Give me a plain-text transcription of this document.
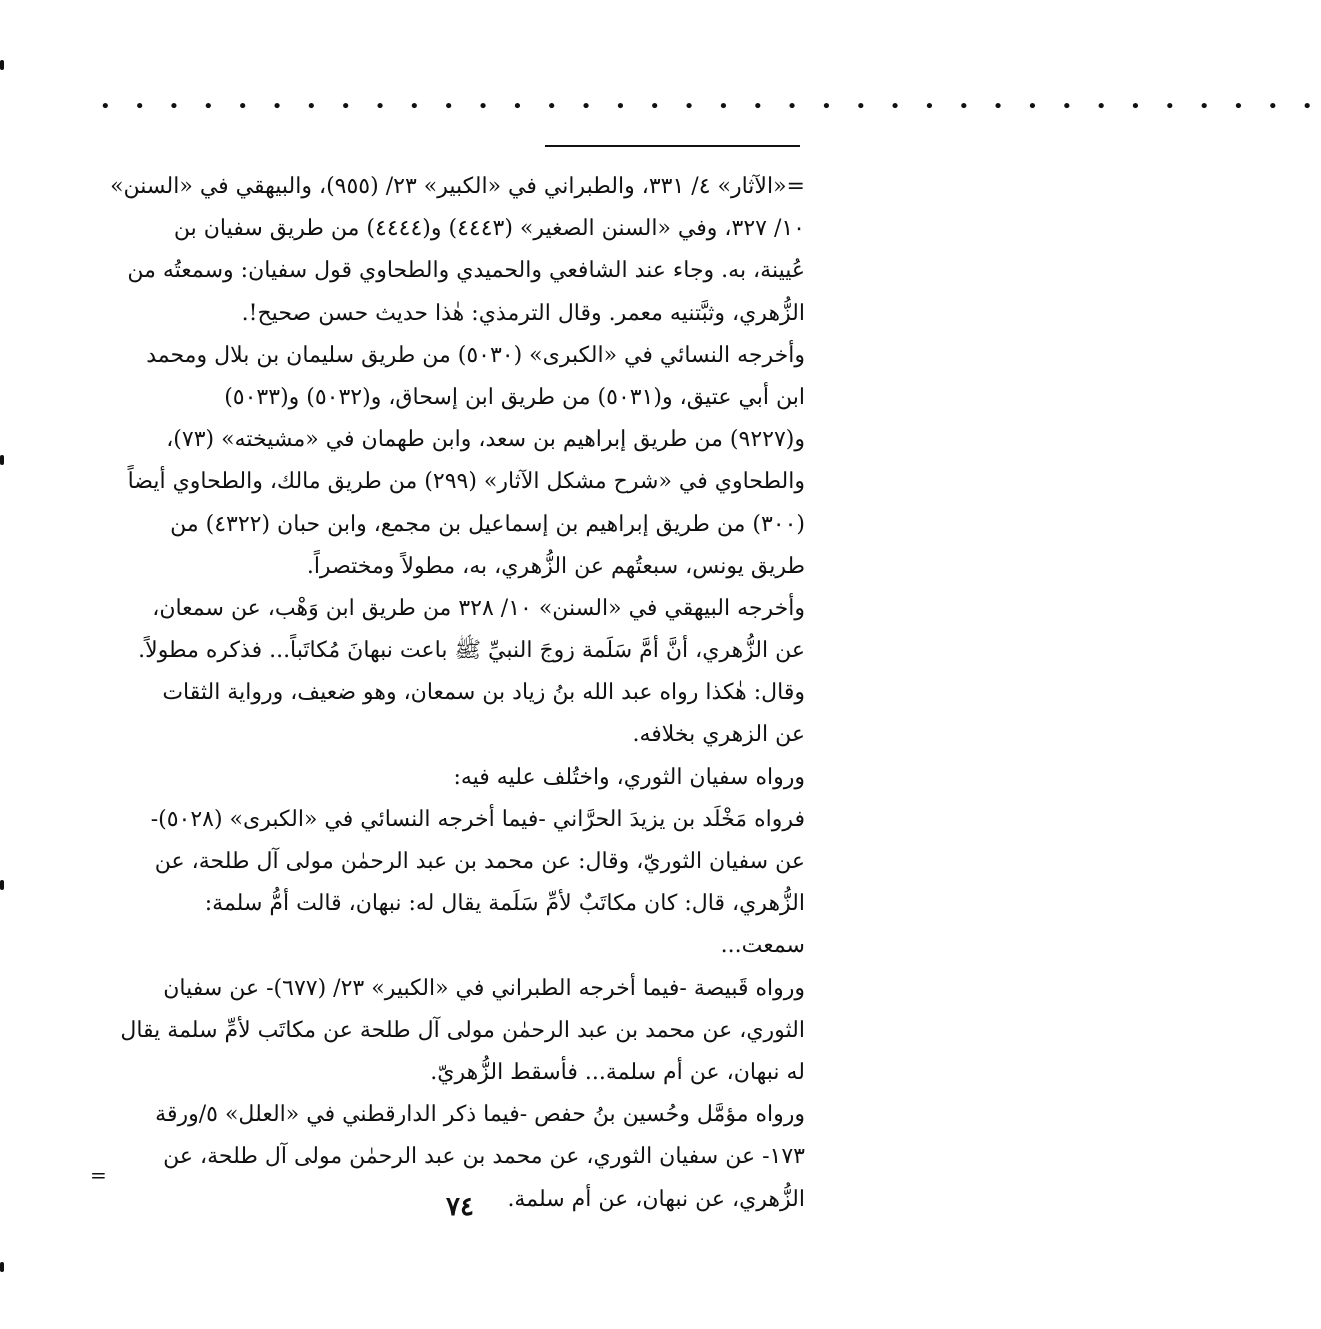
• • • • • • • • • • • • • • • • • • • • • • • • • • • • • • • • • • • •
=«الآثار» ٤/ ٣٣١، والطبراني في «الكبير» ٢٣/ (٩٥٥)، والبيهقي في «السنن»
١٠/ ٣٢٧، وفي «السنن الصغير» (٤٤٤٣) و(٤٤٤٤) من طريق سفيان بن
عُيينة، به. وجاء عند الشافعي والحميدي والطحاوي قول سفيان: وسمعتُه من
الزُّهري، وثبَّتنيه معمر. وقال الترمذي: هٰذا حديث حسن صحيح!.
وأخرجه النسائي في «الكبرى» (٥٠٣٠) من طريق سليمان بن بلال ومحمد
ابن أبي عتيق، و(٥٠٣١) من طريق ابن إسحاق، و(٥٠٣٢) و(٥٠٣٣)
و(٩٢٢٧) من طريق إبراهيم بن سعد، وابن طهمان في «مشيخته» (٧٣)،
والطحاوي في «شرح مشكل الآثار» (٢٩٩) من طريق مالك، والطحاوي أيضاً
(٣٠٠) من طريق إبراهيم بن إسماعيل بن مجمع، وابن حبان (٤٣٢٢) من
طريق يونس، سبعتُهم عن الزُّهري، به، مطولاً ومختصراً.
وأخرجه البيهقي في «السنن» ١٠/ ٣٢٨ من طريق ابن وَهْب، عن سمعان،
عن الزُّهري، أنَّ أمَّ سَلَمة زوجَ النبيِّ ﷺ باعت نبهانَ مُكاتَباً... فذكره مطولاً.
وقال: هٰكذا رواه عبد الله بنُ زياد بن سمعان، وهو ضعيف، ورواية الثقات
عن الزهري بخلافه.
ورواه سفيان الثوري، واختُلف عليه فيه:
فرواه مَخْلَد بن يزيدَ الحرَّاني -فيما أخرجه النسائي في «الكبرى» (٥٠٢٨)-
عن سفيان الثوريّ، وقال: عن محمد بن عبد الرحمٰن مولى آل طلحة، عن
الزُّهري، قال: كان مكاتَبٌ لأمِّ سَلَمة يقال له: نبهان، قالت أمُّ سلمة:
سمعت...
ورواه قَبيصة -فيما أخرجه الطبراني في «الكبير» ٢٣/ (٦٧٧)- عن سفيان
الثوري، عن محمد بن عبد الرحمٰن مولى آل طلحة عن مكاتَب لأمِّ سلمة يقال
له نبهان، عن أم سلمة... فأسقط الزُّهريّ.
ورواه مؤمَّل وحُسين بنُ حفص -فيما ذكر الدارقطني في «العلل» ٥/ورقة
١٧٣- عن سفيان الثوري، عن محمد بن عبد الرحمٰن مولى آل طلحة، عن
الزُّهري، عن نبهان، عن أم سلمة.
=
٧٤
